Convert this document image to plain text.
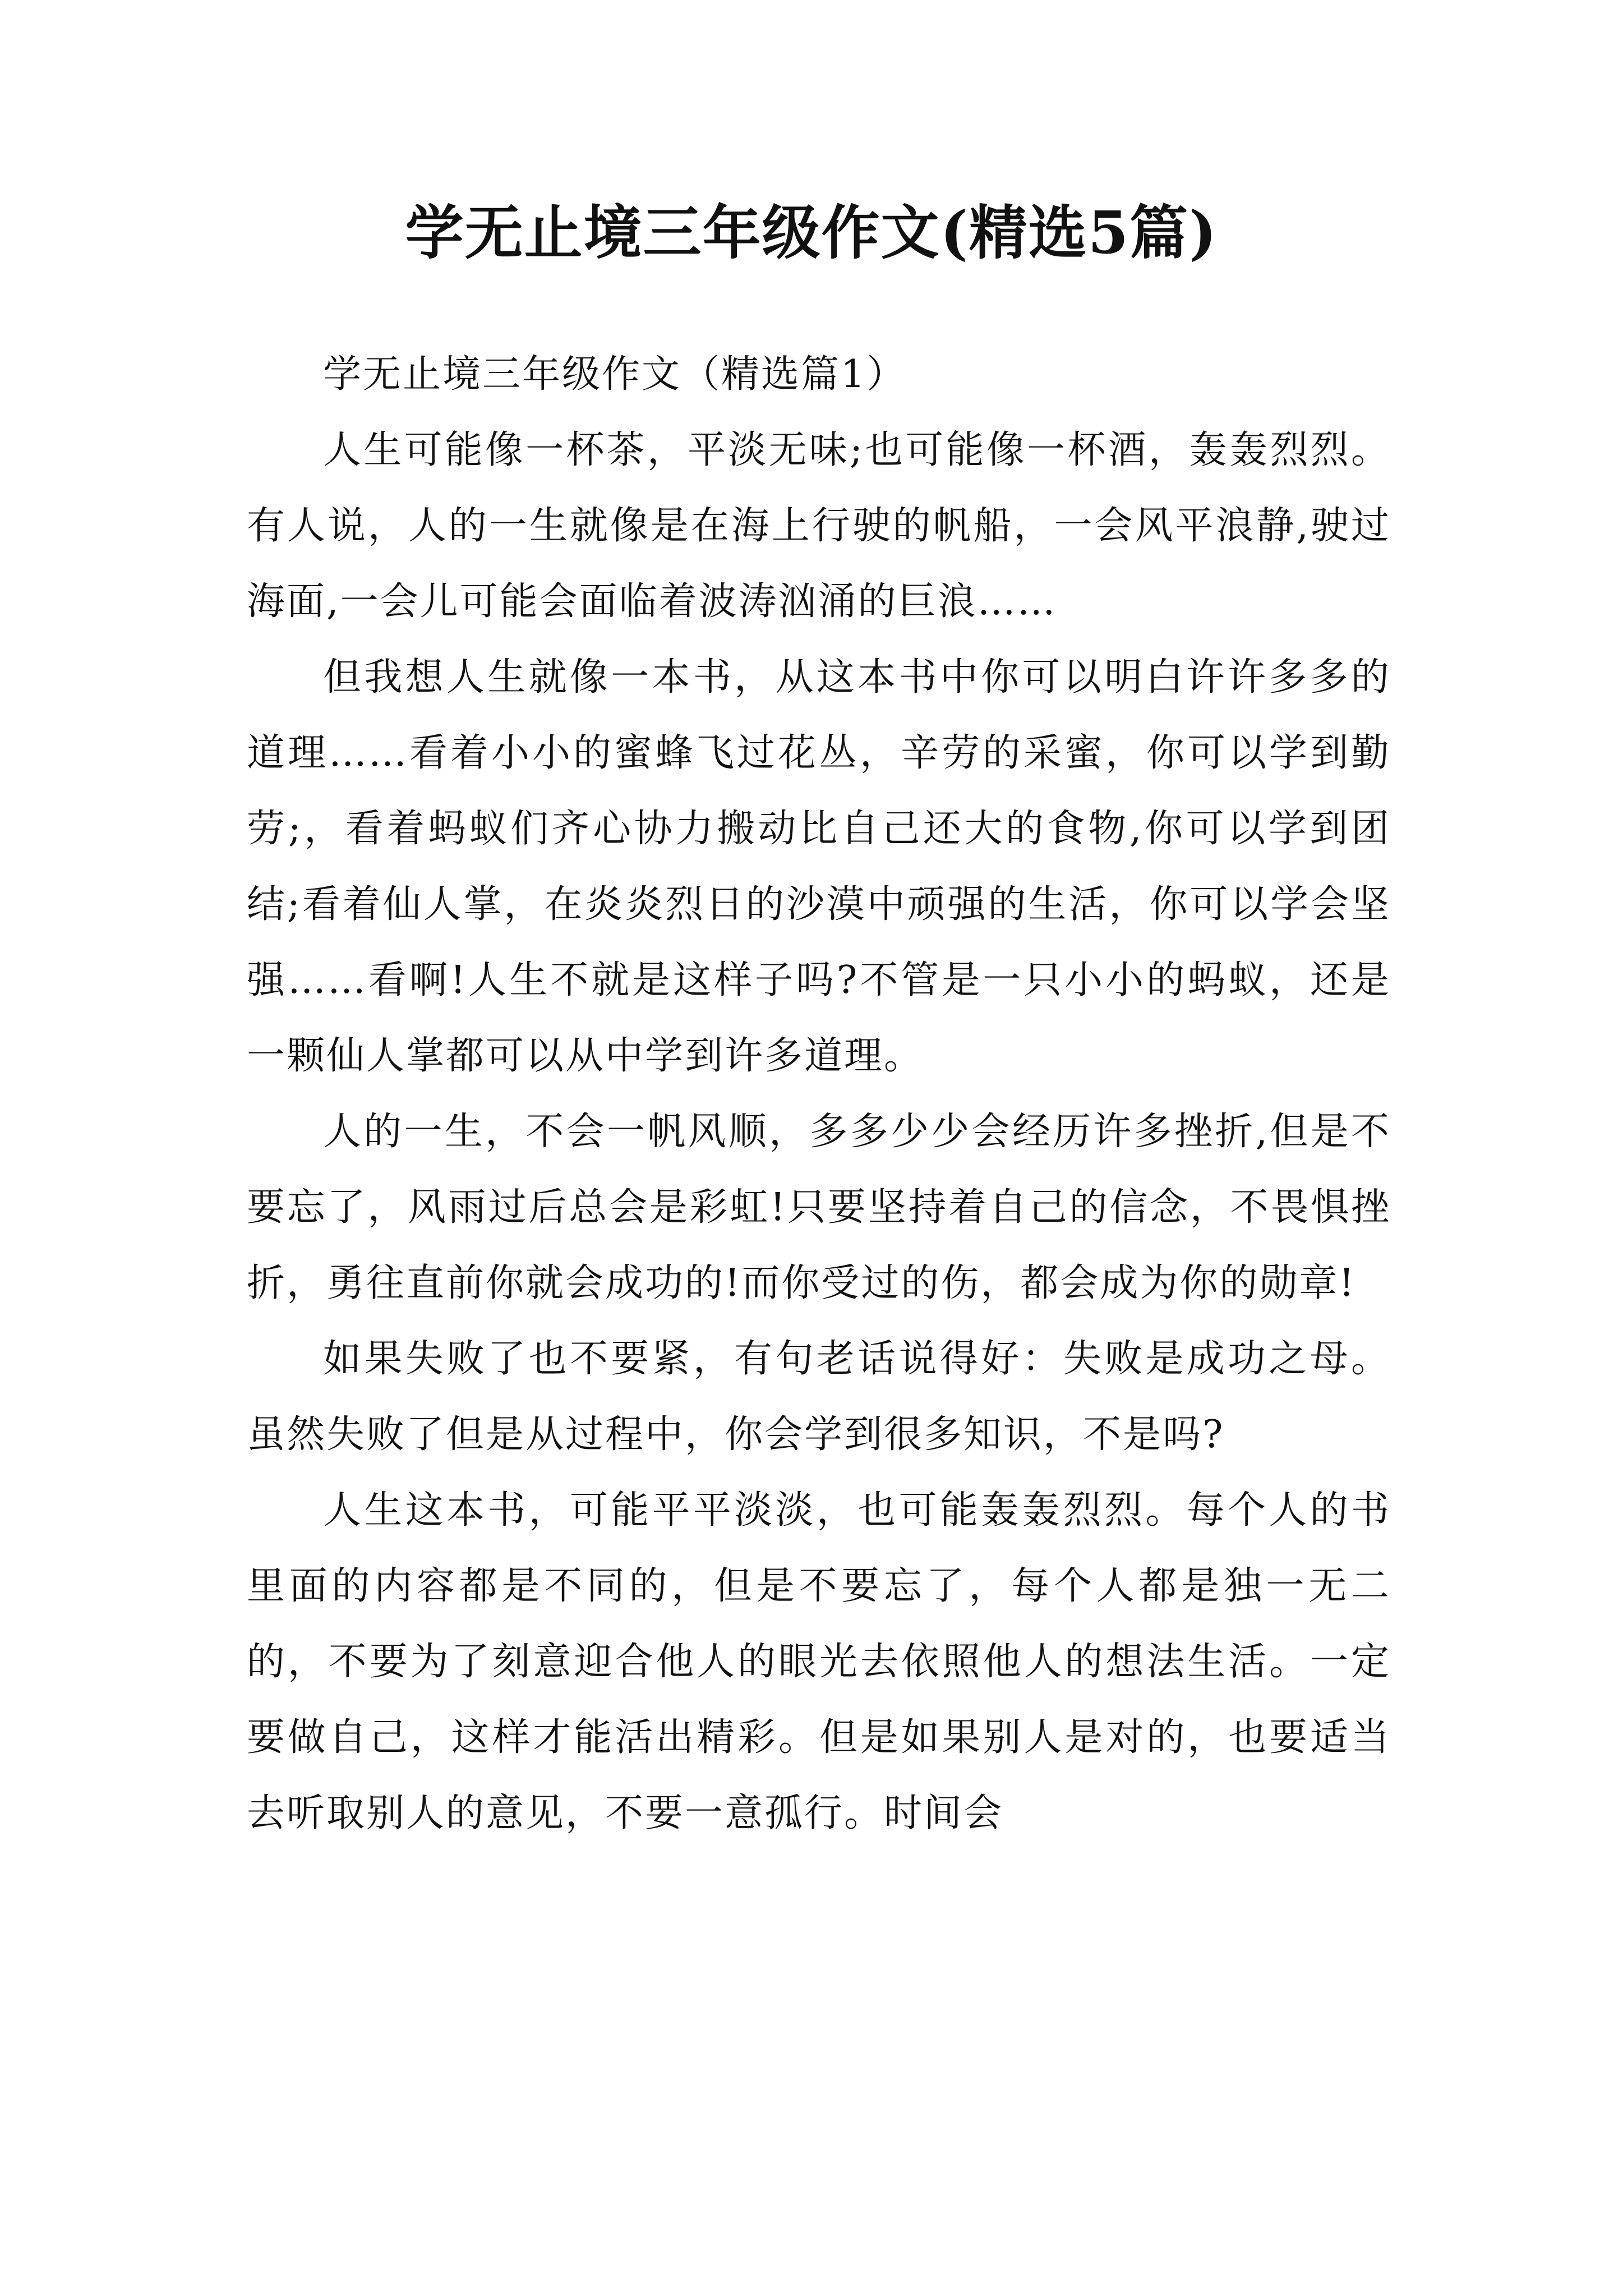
学无止境三年级作文(精选5篇)

学无止境三年级作文（精选篇1）

人生可能像一杯茶，平淡无味;也可能像一杯酒，轰轰烈烈。有人说，人的一生就像是在海上行驶的帆船，一会风平浪静,驶过海面,一会儿可能会面临着波涛汹涌的巨浪……

但我想人生就像一本书，从这本书中你可以明白许许多多的道理……看着小小的蜜蜂飞过花丛，辛劳的采蜜，你可以学到勤劳;，看着蚂蚁们齐心协力搬动比自己还大的食物,你可以学到团结;看着仙人掌，在炎炎烈日的沙漠中顽强的生活，你可以学会坚强……看啊!人生不就是这样子吗?不管是一只小小的蚂蚁，还是一颗仙人掌都可以从中学到许多道理。

人的一生，不会一帆风顺，多多少少会经历许多挫折,但是不要忘了，风雨过后总会是彩虹!只要坚持着自己的信念，不畏惧挫折，勇往直前你就会成功的!而你受过的伤，都会成为你的勋章!

如果失败了也不要紧，有句老话说得好：失败是成功之母。虽然失败了但是从过程中，你会学到很多知识，不是吗?

人生这本书，可能平平淡淡，也可能轰轰烈烈。每个人的书里面的内容都是不同的，但是不要忘了，每个人都是独一无二的，不要为了刻意迎合他人的眼光去依照他人的想法生活。一定要做自己，这样才能活出精彩。但是如果别人是对的，也要适当去听取别人的意见，不要一意孤行。时间会
